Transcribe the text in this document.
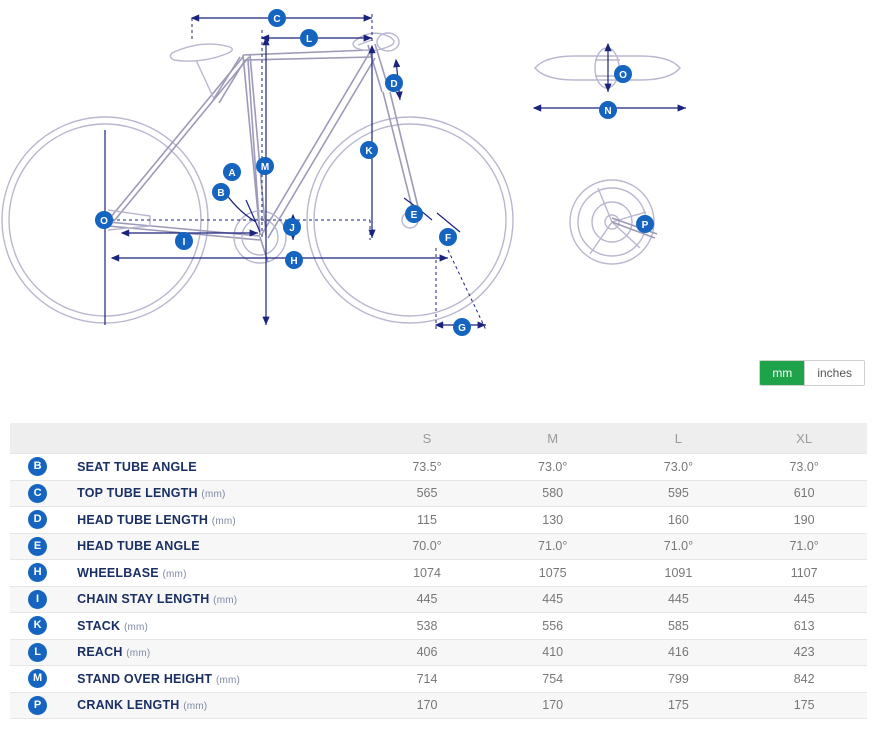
A
B
C
D
E
F
G
H
I
J
K
L
M
O
O
N
P
mm	inches
		S	M	L	XL
B	SEAT TUBE ANGLE	73.5°	73.0°	73.0°	73.0°
C	TOP TUBE LENGTH (mm)	565	580	595	610
D	HEAD TUBE LENGTH (mm)	115	130	160	190
E	HEAD TUBE ANGLE	70.0°	71.0°	71.0°	71.0°
H	WHEELBASE (mm)	1074	1075	1091	1107
I	CHAIN STAY LENGTH (mm)	445	445	445	445
K	STACK (mm)	538	556	585	613
L	REACH (mm)	406	410	416	423
M	STAND OVER HEIGHT (mm)	714	754	799	842
P	CRANK LENGTH (mm)	170	170	175	175
